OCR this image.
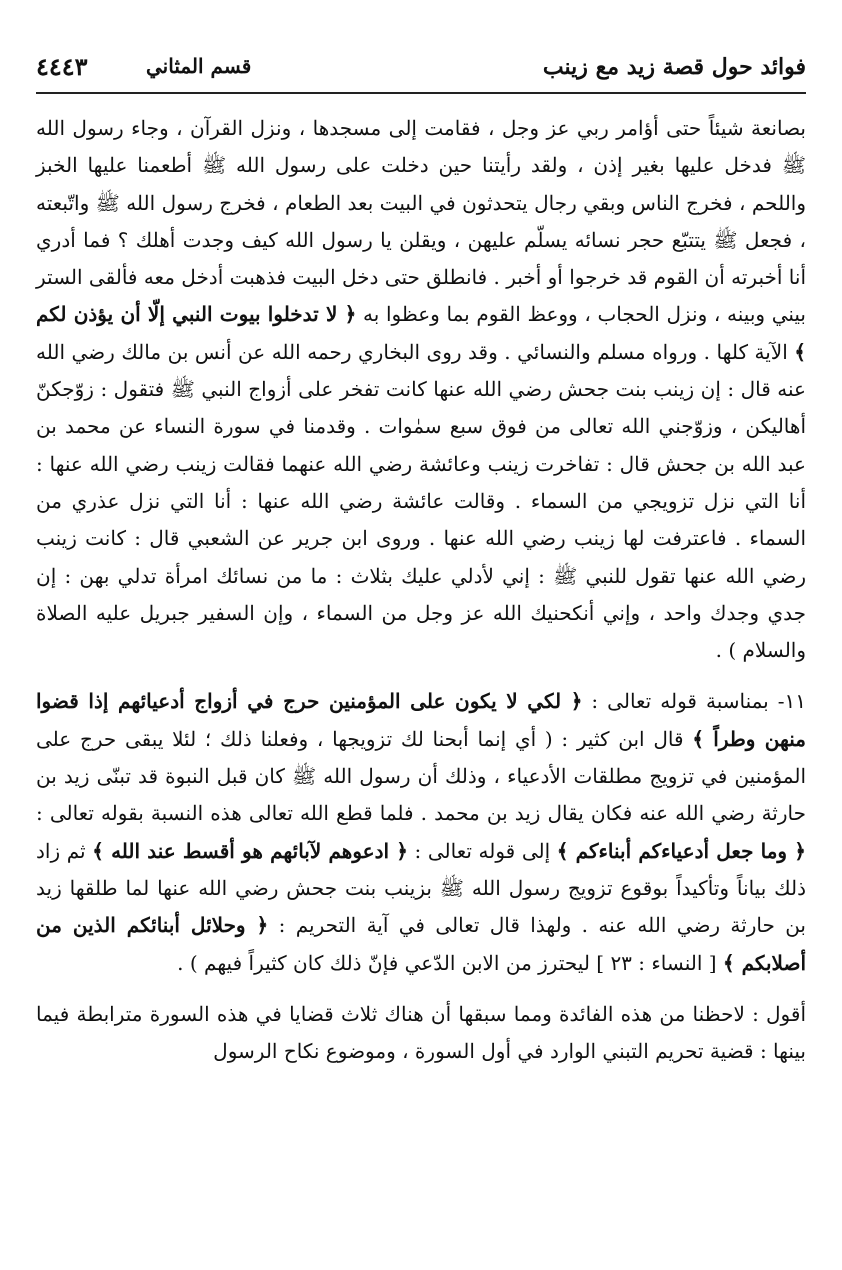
فوائد حول قصة زيد مع زينب
قسم المثاني
٤٤٤٣

بصانعة شيئاً حتى أؤامر ربي عز وجل ، فقامت إلى مسجدها ، ونزل القرآن ، وجاء رسول الله ﷺ فدخل عليها بغير إذن ، ولقد رأيتنا حين دخلت على رسول الله ﷺ أطعمنا عليها الخبز واللحم ، فخرج الناس وبقي رجال يتحدثون في البيت بعد الطعام ، فخرج رسول الله ﷺ واتّبعته ، فجعل ﷺ يتتبّع حجر نسائه يسلّم عليهن ، ويقلن يا رسول الله كيف وجدت أهلك ؟ فما أدري أنا أخبرته أن القوم قد خرجوا أو أخبر . فانطلق حتى دخل البيت فذهبت أدخل معه فألقى الستر بيني وبينه ، ونزل الحجاب ، ووعظ القوم بما وعظوا به ﴿ لا تدخلوا بيوت النبي إلّا أن يؤذن لكم ﴾ الآية كلها . ورواه مسلم والنسائي . وقد روى البخاري رحمه الله عن أنس بن مالك رضي الله عنه قال : إن زينب بنت جحش رضي الله عنها كانت تفخر على أزواج النبي ﷺ فتقول : زوّجكنّ أهاليكن ، وزوّجني الله تعالى من فوق سبع سمٰوات . وقدمنا في سورة النساء عن محمد بن عبد الله بن جحش قال : تفاخرت زينب وعائشة رضي الله عنهما فقالت زينب رضي الله عنها : أنا التي نزل تزويجي من السماء . وقالت عائشة رضي الله عنها : أنا التي نزل عذري من السماء . فاعترفت لها زينب رضي الله عنها . وروى ابن جرير عن الشعبي قال : كانت زينب رضي الله عنها تقول للنبي ﷺ : إني لأدلي عليك بثلاث : ما من نسائك امرأة تدلي بهن : إن جدي وجدك واحد ، وإني أنكحنيك الله عز وجل من السماء ، وإن السفير جبريل عليه الصلاة والسلام ) .

١١- بمناسبة قوله تعالى : ﴿ لكي لا يكون على المؤمنين حرج في أزواج أدعيائهم إذا قضوا منهن وطراً ﴾ قال ابن كثير : ( أي إنما أبحنا لك تزويجها ، وفعلنا ذلك ؛ لئلا يبقى حرج على المؤمنين في تزويج مطلقات الأدعياء ، وذلك أن رسول الله ﷺ كان قبل النبوة قد تبنّى زيد بن حارثة رضي الله عنه فكان يقال زيد بن محمد . فلما قطع الله تعالى هذه النسبة بقوله تعالى : ﴿ وما جعل أدعياءكم أبناءكم ﴾ إلى قوله تعالى : ﴿ ادعوهم لآبائهم هو أقسط عند الله ﴾ ثم زاد ذلك بياناً وتأكيداً بوقوع تزويج رسول الله ﷺ بزينب بنت جحش رضي الله عنها لما طلقها زيد بن حارثة رضي الله عنه . ولهذا قال تعالى في آية التحريم : ﴿ وحلائل أبنائكم الذين من أصلابكم ﴾ [ النساء : ٢٣ ] ليحترز من الابن الدّعي فإنّ ذلك كان كثيراً فيهم ) .

أقول : لاحظنا من هذه الفائدة ومما سبقها أن هناك ثلاث قضايا في هذه السورة مترابطة فيما بينها : قضية تحريم التبني الوارد في أول السورة ، وموضوع نكاح الرسول
